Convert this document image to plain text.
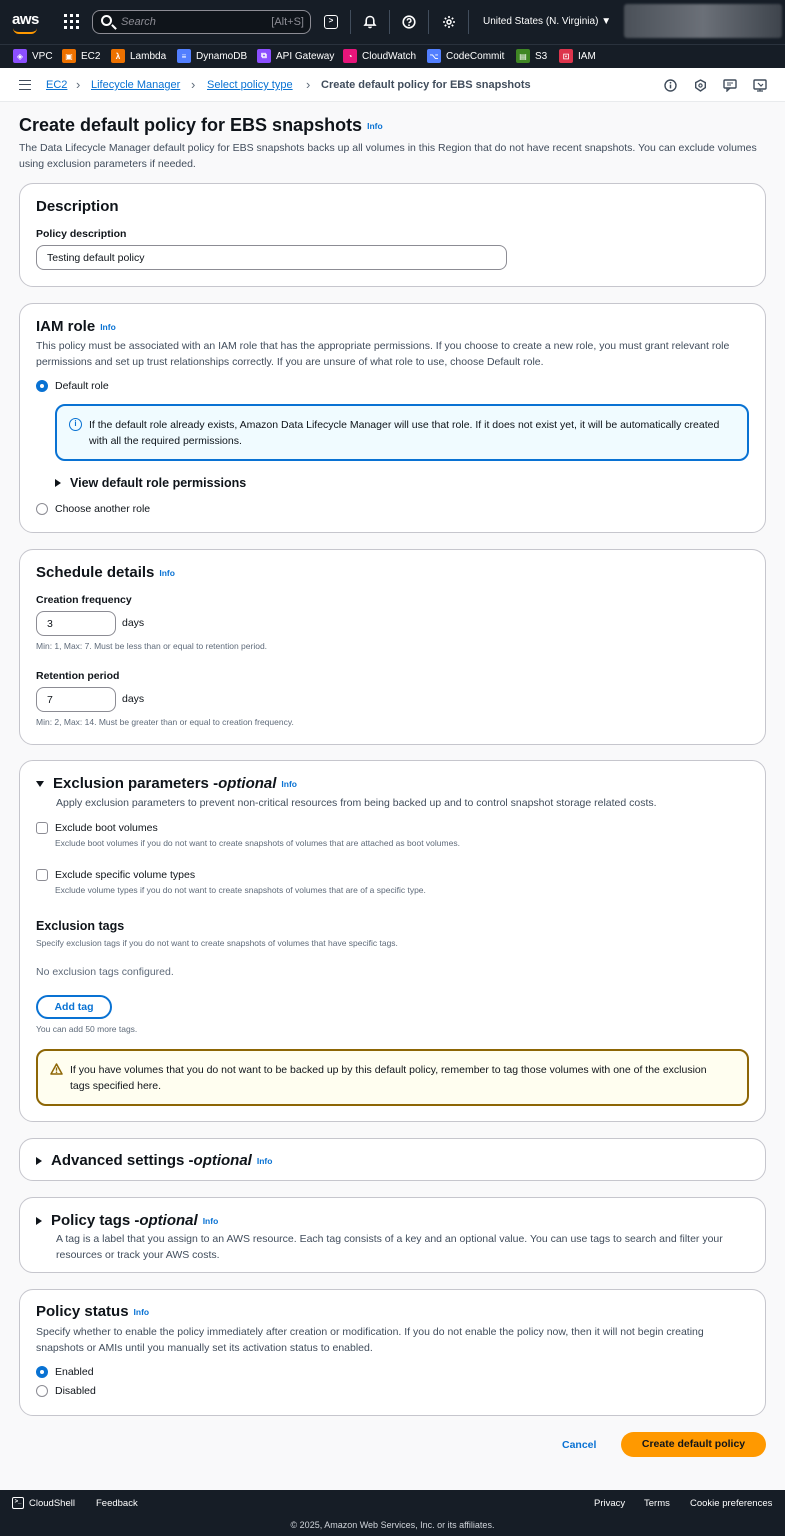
aws	Search	[Alt+S]	>	United States (N. Virginia) ▼
◈ VPC	▣ EC2	λ Lambda	≡ DynamoDB	⧉ API Gateway	◔ CloudWatch ⌥ CodeCommit	▤ S3	⊡ IAM
EC2 › Lifecycle Manager › Select policy type › Create default policy for EBS snapshots
Create default policy for EBS snapshots Info
The Data Lifecycle Manager default policy for EBS snapshots backs up all volumes in this Region that do not have recent snapshots. You can exclude volumes using exclusion parameters if needed.
Description
Policy description
Testing default policy
IAM role Info
This policy must be associated with an IAM role that has the appropriate permissions. If you choose to create a new role, you must grant relevant role permissions and set up trust relationships correctly. If you are unsure of what role to use, choose Default role.
Default role
i	If the default role already exists, Amazon Data Lifecycle Manager will use that role. If it does not exist yet, it will be automatically created with all the required permissions.
View default role permissions
Choose another role
Schedule details Info
Creation frequency
3	days
Min: 1, Max: 7. Must be less than or equal to retention period.
Retention period
7	days
Min: 2, Max: 14. Must be greater than or equal to creation frequency.
Exclusion parameters - optional Info
Apply exclusion parameters to prevent non-critical resources from being backed up and to control snapshot storage related costs.
Exclude boot volumes
Exclude boot volumes if you do not want to create snapshots of volumes that are attached as boot volumes.
Exclude specific volume types
Exclude volume types if you do not want to create snapshots of volumes that are of a specific type.
Exclusion tags
Specify exclusion tags if you do not want to create snapshots of volumes that have specific tags.
No exclusion tags configured.
Add tag
You can add 50 more tags.
If you have volumes that you do not want to be backed up by this default policy, remember to tag those volumes with one of the exclusion tags specified here.
Advanced settings - optional Info
Policy tags - optional Info
A tag is a label that you assign to an AWS resource. Each tag consists of a key and an optional value. You can use tags to search and filter your resources or track your AWS costs.
Policy status Info
Specify whether to enable the policy immediately after creation or modification. If you do not enable the policy now, then it will not begin creating snapshots or AMIs until you manually set its activation status to enabled.
Enabled
Disabled
Cancel	Create default policy
>_ CloudShell Feedback	Privacy Terms Cookie preferences
© 2025, Amazon Web Services, Inc. or its affiliates.
